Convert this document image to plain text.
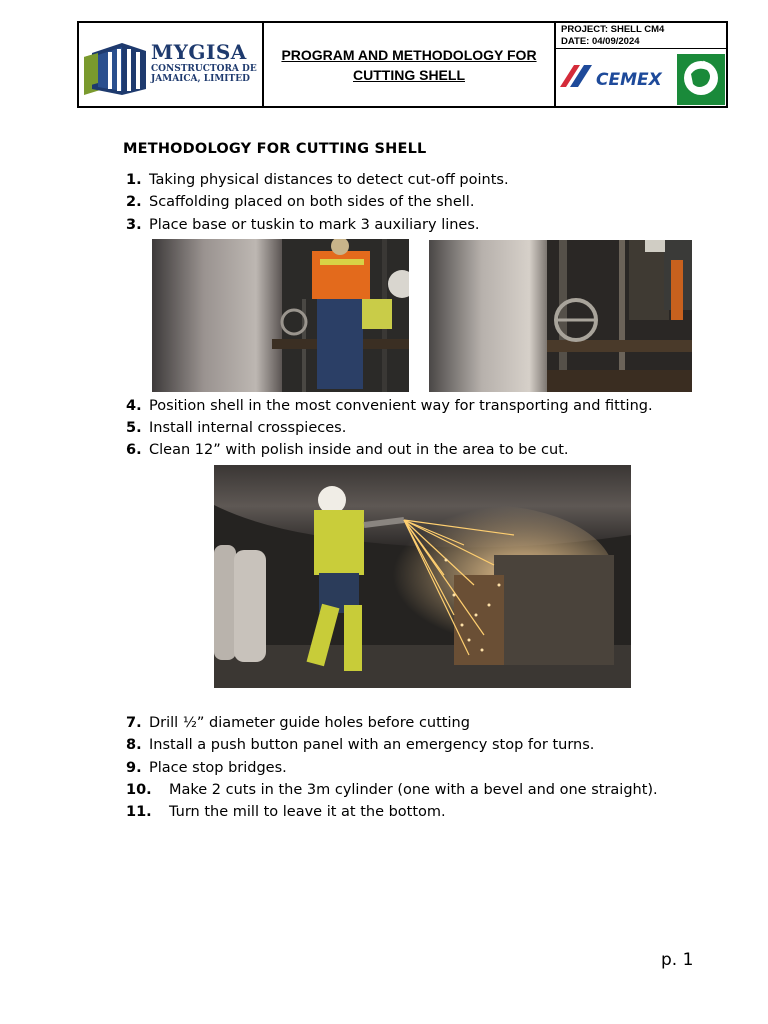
MYGISA
CONSTRUCTORA DE
JAMAICA, LIMITED
PROGRAM AND METHODOLOGY FOR CUTTING SHELL
PROJECT: SHELL CM4
DATE: 04/09/2024
CEMEX
METHODOLOGY FOR CUTTING SHELL
1. Taking physical distances to detect cut-off points.
2. Scaffolding placed on both sides of the shell.
3. Place base or tuskin to mark 3 auxiliary lines.
4. Position shell in the most convenient way for transporting and fitting.
5. Install internal crosspieces.
6. Clean 12” with polish inside and out in the area to be cut.
7. Drill ½” diameter guide holes before cutting
8. Install a push button panel with an emergency stop for turns.
9. Place stop bridges.
10. Make 2 cuts in the 3m cylinder (one with a bevel and one straight).
11. Turn the mill to leave it at the bottom.
p. 1
